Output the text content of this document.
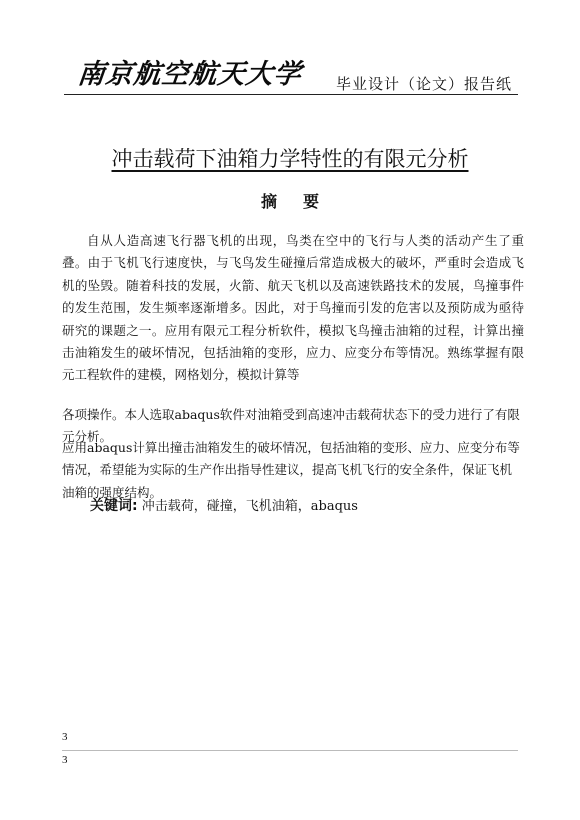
南京航空航天大学 毕业设计（论文）报告纸
冲击载荷下油箱力学特性的有限元分析
摘要
自从人造高速飞行器飞机的出现，鸟类在空中的飞行与人类的活动产生了重叠。由于飞机飞行速度快，与飞鸟发生碰撞后常造成极大的破坏，严重时会造成飞机的坠毁。随着科技的发展，火箭、航天飞机以及高速铁路技术的发展，鸟撞事件的发生范围，发生频率逐渐增多。因此，对于鸟撞而引发的危害以及预防成为亟待研究的课题之一。应用有限元工程分析软件，模拟飞鸟撞击油箱的过程，计算出撞击油箱发生的破坏情况，包括油箱的变形，应力、应变分布等情况。熟练掌握有限元工程软件的建模，网格划分，模拟计算等
各项操作。本人选取abaqus软件对油箱受到高速冲击载荷状态下的受力进行了有限元分析。
应用abaqus计算出撞击油箱发生的破坏情况，包括油箱的变形、应力、应变分布等情况，希望能为实际的生产作出指导性建议，提高飞机飞行的安全条件，保证飞机油箱的强度结构。
关键词: 冲击载荷，碰撞，飞机油箱，abaqus
3
3
